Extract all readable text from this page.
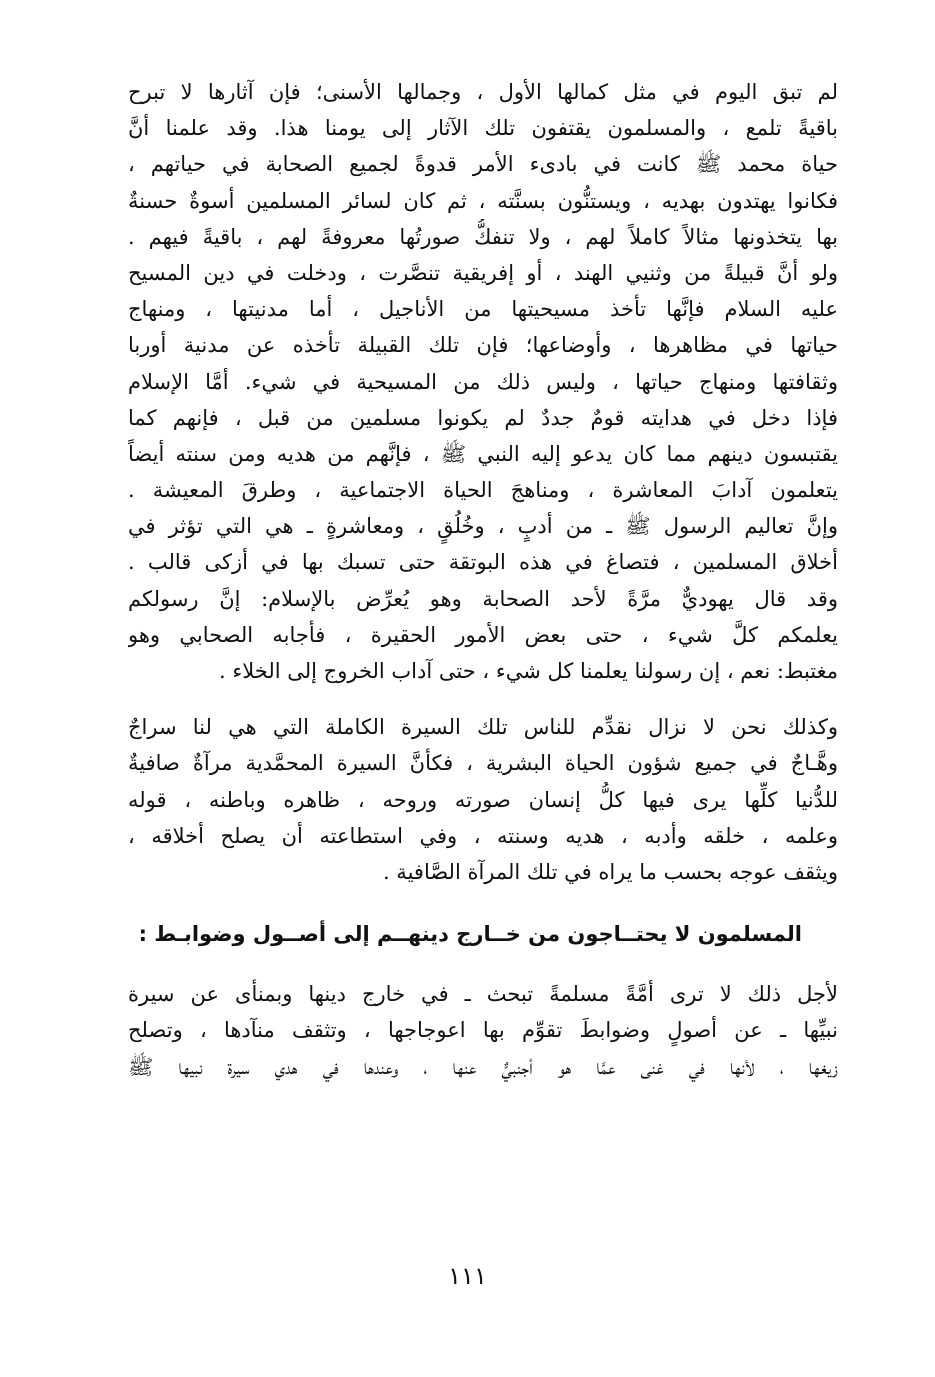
لم تبق اليوم في مثل كمالها الأول ، وجمالها الأسنى؛ فإن آثارها لا تبرح
باقيةً تلمع ، والمسلمون يقتفون تلك الآثار إلى يومنا هذا. وقد علمنا أنَّ
حياة محمد ﷺ كانت في بادىء الأمر قدوةً لجميع الصحابة في حياتهم ،
فكانوا يهتدون بهديه ، ويستنُّون بسنَّته ، ثم كان لسائر المسلمين أسوةٌ حسنةٌ
بها يتخذونها مثالاً كاملاً لهم ، ولا تنفكُّ صورتُها معروفةً لهم ، باقيةً فيهم .
ولو أنَّ قبيلةً من وثنيي الهند ، أو إفريقية تنصَّرت ، ودخلت في دين المسيح
عليه السلام فإنَّها تأخذ مسيحيتها من الأناجيل ، أما مدنيتها ، ومنهاج
حياتها في مظاهرها ، وأوضاعها؛ فإن تلك القبيلة تأخذه عن مدنية أوربا
وثقافتها ومنهاج حياتها ، وليس ذلك من المسيحية في شيء. أمَّا الإسلام
فإذا دخل في هدايته قومٌ جددٌ لم يكونوا مسلمين من قبل ، فإنهم كما
يقتبسون دينهم مما كان يدعو إليه النبي ﷺ ، فإنَّهم من هديه ومن سنته أيضاً
يتعلمون آدابَ المعاشرة ، ومناهجَ الحياة الاجتماعية ، وطرقَ المعيشة .
وإنَّ تعاليم الرسول ﷺ ـ من أدبٍ ، وخُلُقٍ ، ومعاشرةٍ ـ هي التي تؤثر في
أخلاق المسلمين ، فتصاغ في هذه البوتقة حتى تسبك بها في أزكى قالب .
وقد قال يهوديٌّ مرَّةً لأحد الصحابة وهو يُعرِّض بالإسلام: إنَّ رسولكم
يعلمكم كلَّ شيء ، حتى بعض الأمور الحقيرة ، فأجابه الصحابي وهو
مغتبط: نعم ، إن رسولنا يعلمنا كل شيء ، حتى آداب الخروج إلى الخلاء .
وكذلك نحن لا نزال نقدِّم للناس تلك السيرة الكاملة التي هي لنا سراجٌ
وهَّـاجٌ في جميع شؤون الحياة البشرية ، فكأنَّ السيرة المحمَّدية مرآةٌ صافيةٌ
للدُّنيا كلِّها يرى فيها كلُّ إنسان صورته وروحه ، ظاهره وباطنه ، قوله
وعلمه ، خلقه وأدبه ، هديه وسنته ، وفي استطاعته أن يصلح أخلاقه ،
ويثقف عوجه بحسب ما يراه في تلك المرآة الصَّافية .
المسلمون لا يحتــاجون من خــارج دينهــم إلى أصــول وضوابـط :
لأجل ذلك لا ترى أمَّةً مسلمةً تبحث ـ في خارج دينها وبمنأى عن سيرة
نبيِّها ـ عن أصولٍ وضوابطَ تقوِّم بها اعوجاجها ، وتثقف منآدها ، وتصلح
زيغها ، لأنها في غنى عمَّا هو أجنبيٌّ عنها ، وعندها في هدي سيرة نبيها ﷺ
١١١
